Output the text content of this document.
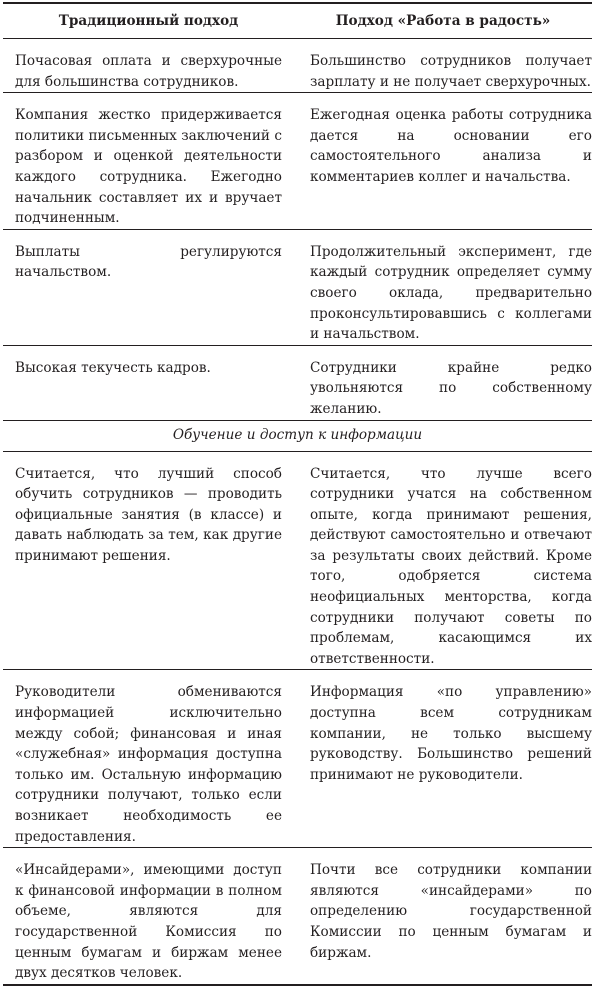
Традиционный подход	Подход «Работа в радость»

Почасовая оплата и сверхурочные для большинства сотрудников.	Большинство сотрудников получает зарплату и не получает сверхурочных.

Компания жестко придерживается политики письменных заключений с разбором и оценкой деятельности каждого сотрудника. Ежегодно начальник составляет их и вручает подчиненным.	Ежегодная оценка работы сотрудника дается на основании его самостоятельного анализа и комментариев коллег и начальства.

Выплаты регулируются начальством.	Продолжительный эксперимент, где каждый сотрудник определяет сумму своего оклада, предварительно проконсультировавшись с коллегами и начальством.

Высокая текучесть кадров.	Сотрудники крайне редко увольняются по собственному желанию.

Обучение и доступ к информации	

Считается, что лучший способ обучить сотрудников — проводить официальные занятия (в классе) и давать наблюдать за тем, как другие принимают решения.	Считается, что лучше всего сотрудники учатся на собственном опыте, когда принимают решения, действуют самостоятельно и отвечают за результаты своих действий. Кроме того, одобряется система неофициальных менторства, когда сотрудники получают советы по проблемам, касающимся их ответственности.

Руководители обмениваются информацией исключительно между собой; финансовая и иная «служебная» информация доступна только им. Остальную информацию сотрудники получают, только если возникает необходимость ее предоставления.	Информация «по управлению» доступна всем сотрудникам компании, не только высшему руководству. Большинство решений принимают не руководители.

«Инсайдерами», имеющими доступ к финансовой информации в полном объеме, являются для государственной Комиссия по ценным бумагам и биржам менее двух десятков человек.	Почти все сотрудники компании являются «инсайдерами» по определению государственной Комиссии по ценным бумагам и биржам.
